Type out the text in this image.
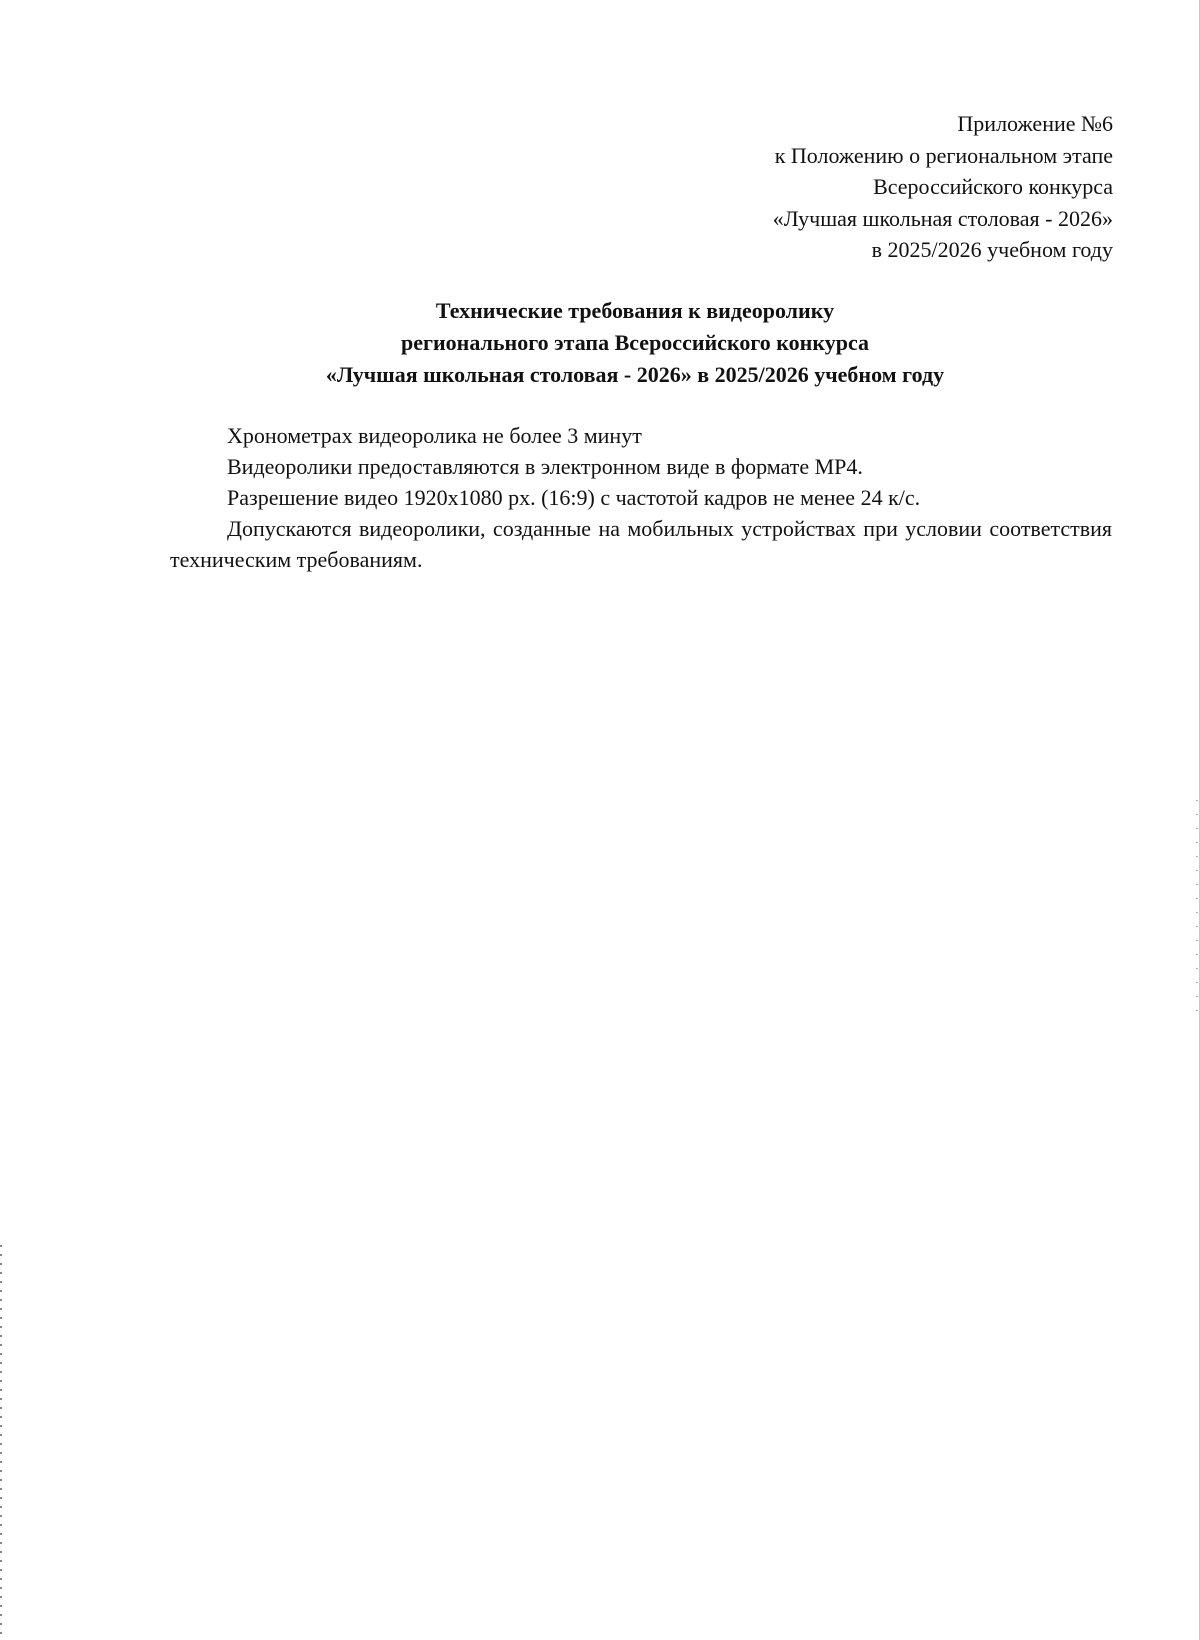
Приложение №6
к Положению о региональном этапе
Всероссийского конкурса
«Лучшая школьная столовая - 2026»
в 2025/2026 учебном году
Технические требования к видеоролику
регионального этапа Всероссийского конкурса
«Лучшая школьная столовая - 2026» в 2025/2026 учебном году

Хронометрах видеоролика не более 3 минут

Видеоролики предоставляются в электронном виде в формате МР4.

Разрешение видео 1920x1080 px. (16:9) с частотой кадров не менее 24 к/с.

Допускаются видеоролики, созданные на мобильных устройствах при условии соответствия техническим требованиям.
